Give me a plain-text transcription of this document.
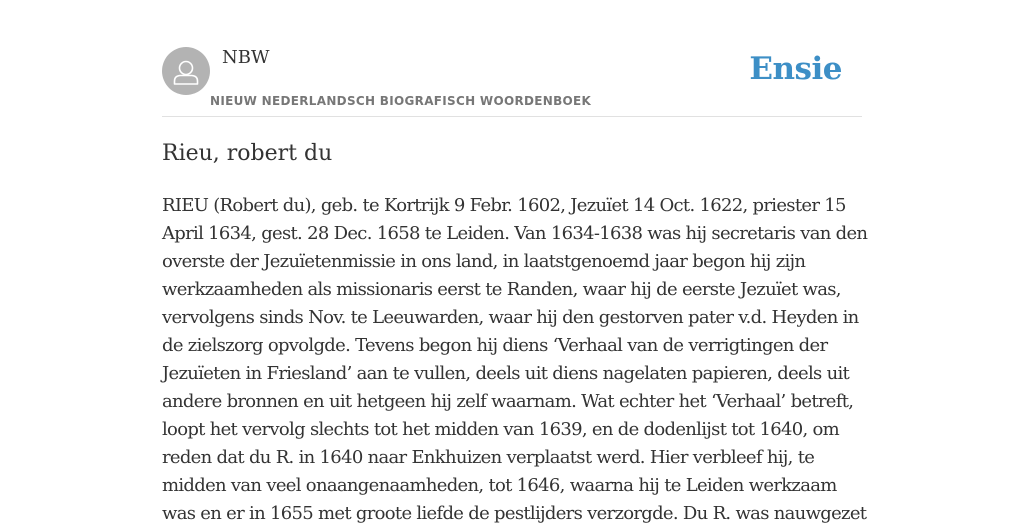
NBW
NIEUW NEDERLANDSCH BIOGRAFISCH WOORDENBOEK
Ensie
Rieu, robert du
RIEU (Robert du), geb. te Kortrijk 9 Febr. 1602, Jezuïet 14 Oct. 1622, priester 15
April 1634, gest. 28 Dec. 1658 te Leiden. Van 1634-1638 was hij secretaris van den
overste der Jezuïetenmissie in ons land, in laatstgenoemd jaar begon hij zijn
werkzaamheden als missionaris eerst te Randen, waar hij de eerste Jezuïet was,
vervolgens sinds Nov. te Leeuwarden, waar hij den gestorven pater v.d. Heyden in
de zielszorg opvolgde. Tevens begon hij diens ‘Verhaal van de verrigtingen der
Jezuïeten in Friesland’ aan te vullen, deels uit diens nagelaten papieren, deels uit
andere bronnen en uit hetgeen hij zelf waarnam. Wat echter het ‘Verhaal’ betreft,
loopt het vervolg slechts tot het midden van 1639, en de dodenlijst tot 1640, om
reden dat du R. in 1640 naar Enkhuizen verplaatst werd. Hier verbleef hij, te
midden van veel onaangenaamheden, tot 1646, waarna hij te Leiden werkzaam
was en er in 1655 met groote liefde de pestlijders verzorgde. Du R. was nauwgezet
